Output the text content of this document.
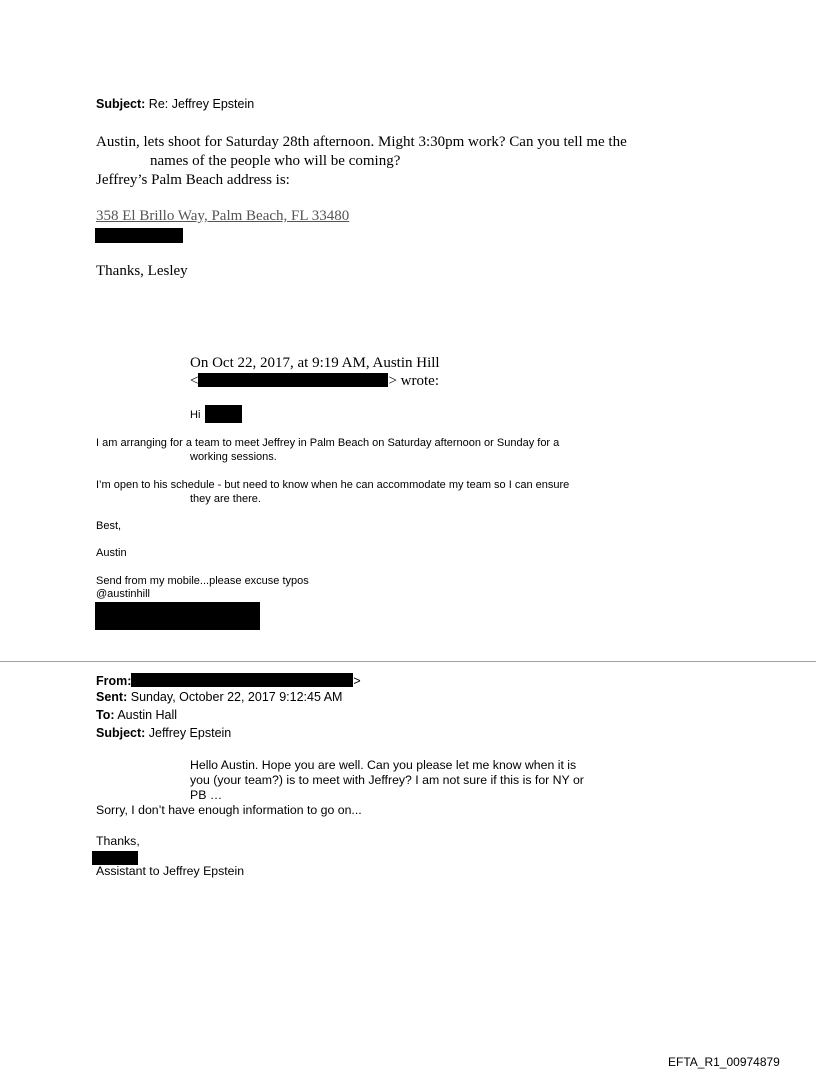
Subject: Re: Jeffrey Epstein
Austin, lets shoot for Saturday 28th afternoon. Might 3:30pm work? Can you tell me the
names of the people who will be coming?
Jeffrey’s Palm Beach address is:
358 El Brillo Way, Palm Beach, FL 33480
Thanks, Lesley
On Oct 22, 2017, at 9:19 AM, Austin Hill
<	> wrote:
Hi
I am arranging for a team to meet Jeffrey in Palm Beach on Saturday afternoon or Sunday for a
working sessions.
I’m open to his schedule - but need to know when he can accommodate my team so I can ensure
they are there.
Best,
Austin
Send from my mobile...please excuse typos
@austinhill
From:	>
Sent: Sunday, October 22, 2017 9:12:45 AM
To: Austin Hall
Subject: Jeffrey Epstein
Hello Austin. Hope you are well. Can you please let me know when it is
you (your team?) is to meet with Jeffrey? I am not sure if this is for NY or
PB …
Sorry, I don’t have enough information to go on...
Thanks,
Assistant to Jeffrey Epstein
EFTA_R1_00974879
